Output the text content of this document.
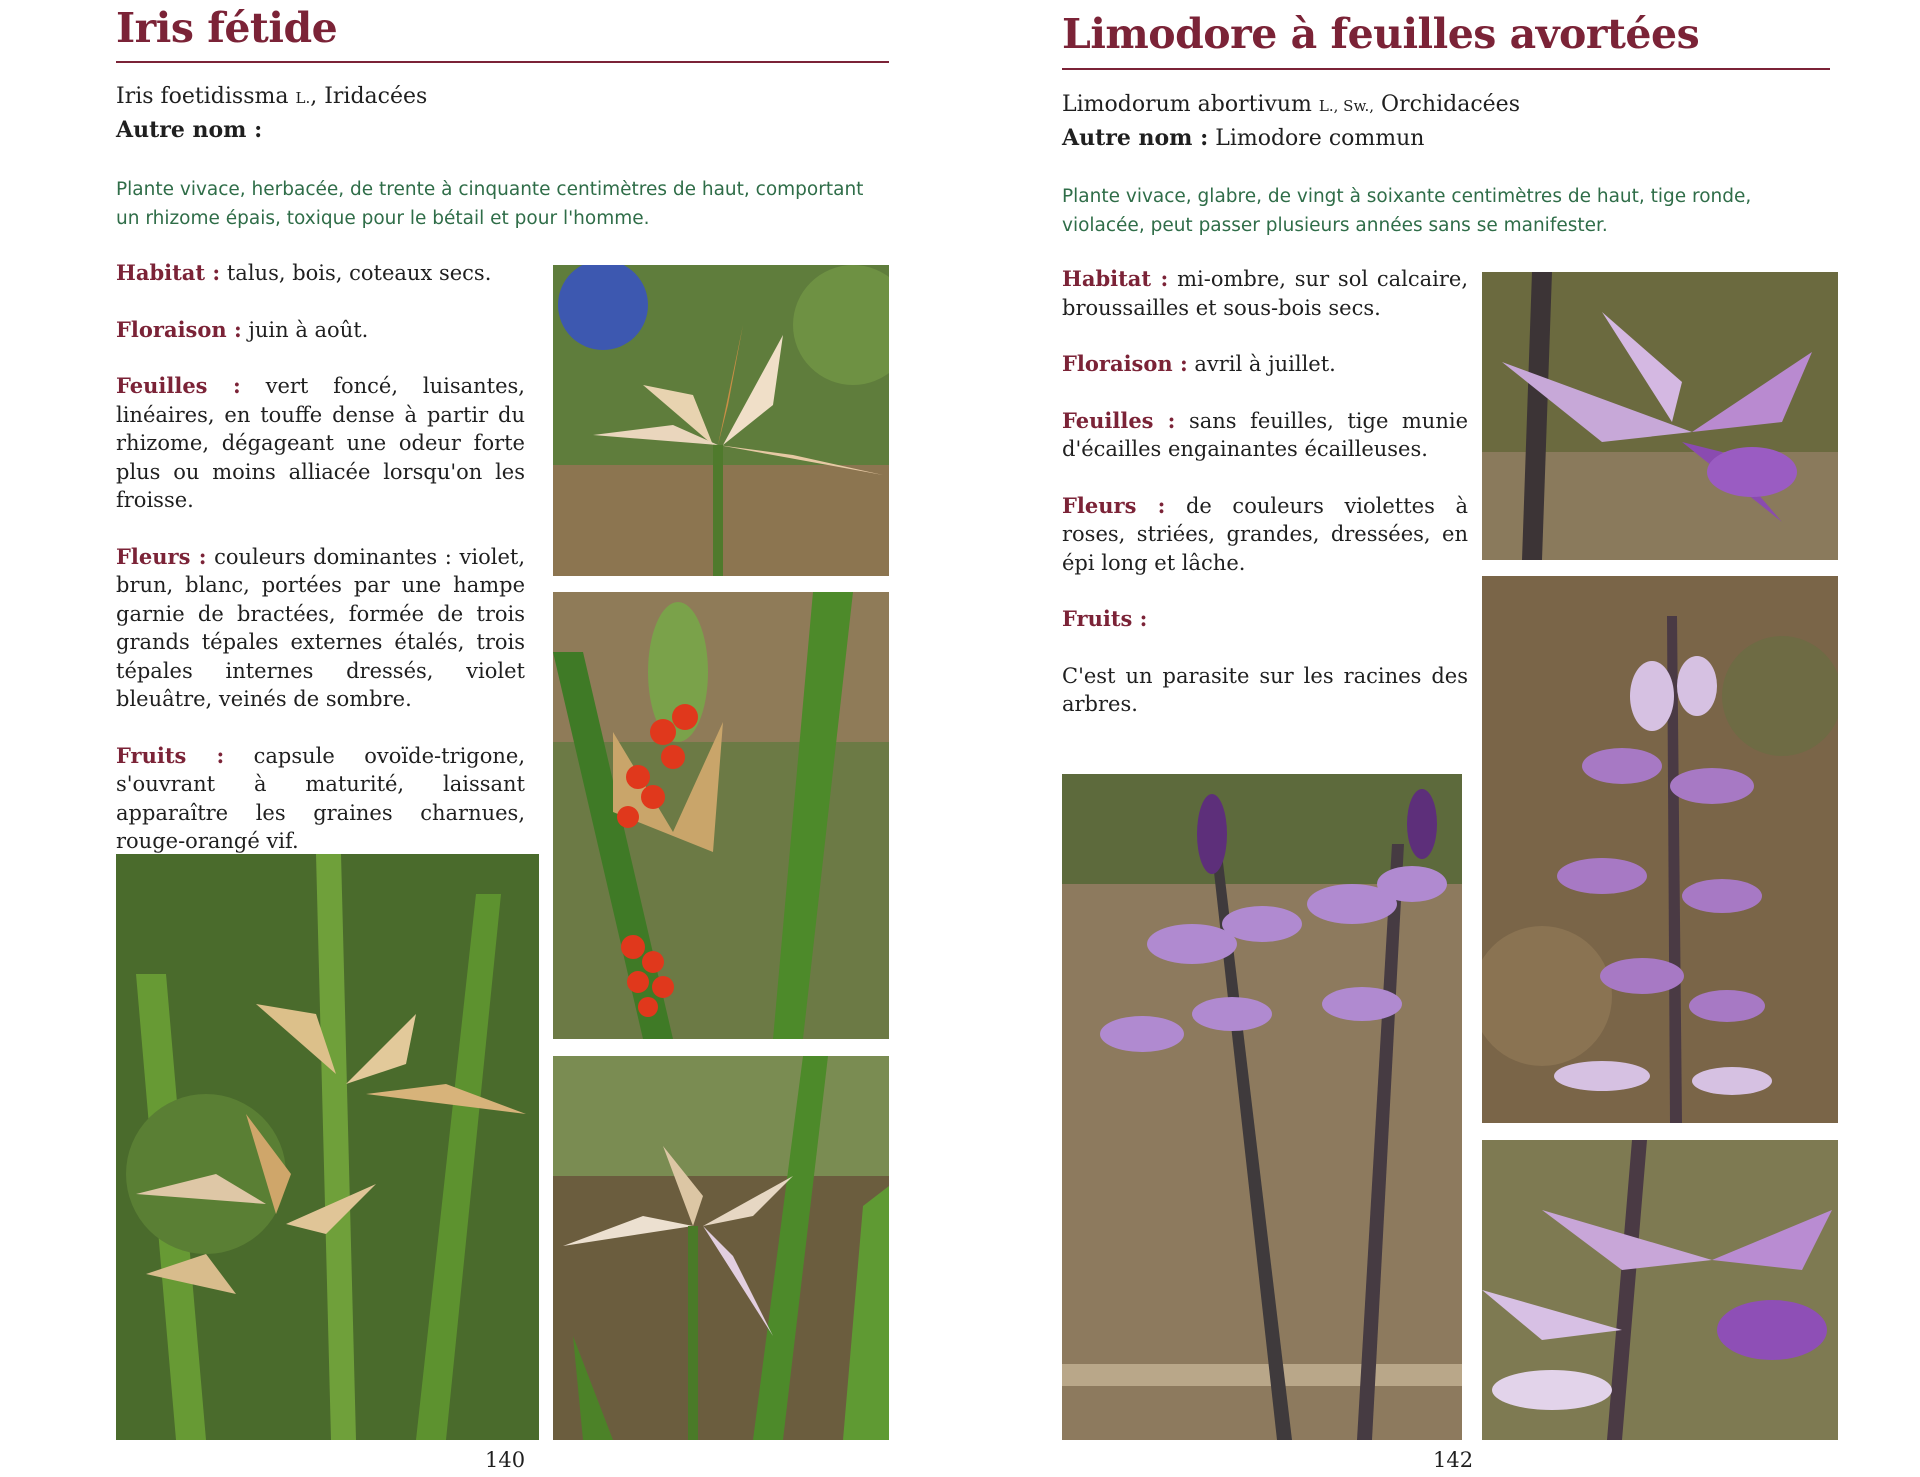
Iris fétide
Iris foetidissma L., Iridacées
Autre nom :

Plante vivace, herbacée, de trente à cinquante centimètres de haut, comportant un rhizome épais, toxique pour le bétail et pour l'homme.

Habitat : talus, bois, coteaux secs.

Floraison : juin à août.

Feuilles : vert foncé, luisantes, linéaires, en touffe dense à partir du rhizome, dégageant une odeur forte plus ou moins alliacée lorsqu'on les froisse.

Fleurs : couleurs dominantes : violet, brun, blanc, portées par une hampe garnie de bractées, formée de trois grands tépales externes étalés, trois tépales internes dressés, violet bleuâtre, veinés de sombre.

Fruits : capsule ovoïde-trigone, s'ouvrant à maturité, laissant apparaître les graines charnues, rouge-orangé vif.

140
Limodore à feuilles avortées
Limodorum abortivum L., Sw., Orchidacées
Autre nom : Limodore commun

Plante vivace, glabre, de vingt à soixante centimètres de haut, tige ronde, violacée, peut passer plusieurs années sans se manifester.

Habitat : mi-ombre, sur sol calcaire, broussailles et sous-bois secs.

Floraison : avril à juillet.

Feuilles : sans feuilles, tige munie d'écailles engainantes écailleuses.

Fleurs : de couleurs violettes à roses, striées, grandes, dressées, en épi long et lâche.

Fruits :

C'est un parasite sur les racines des arbres.

142
